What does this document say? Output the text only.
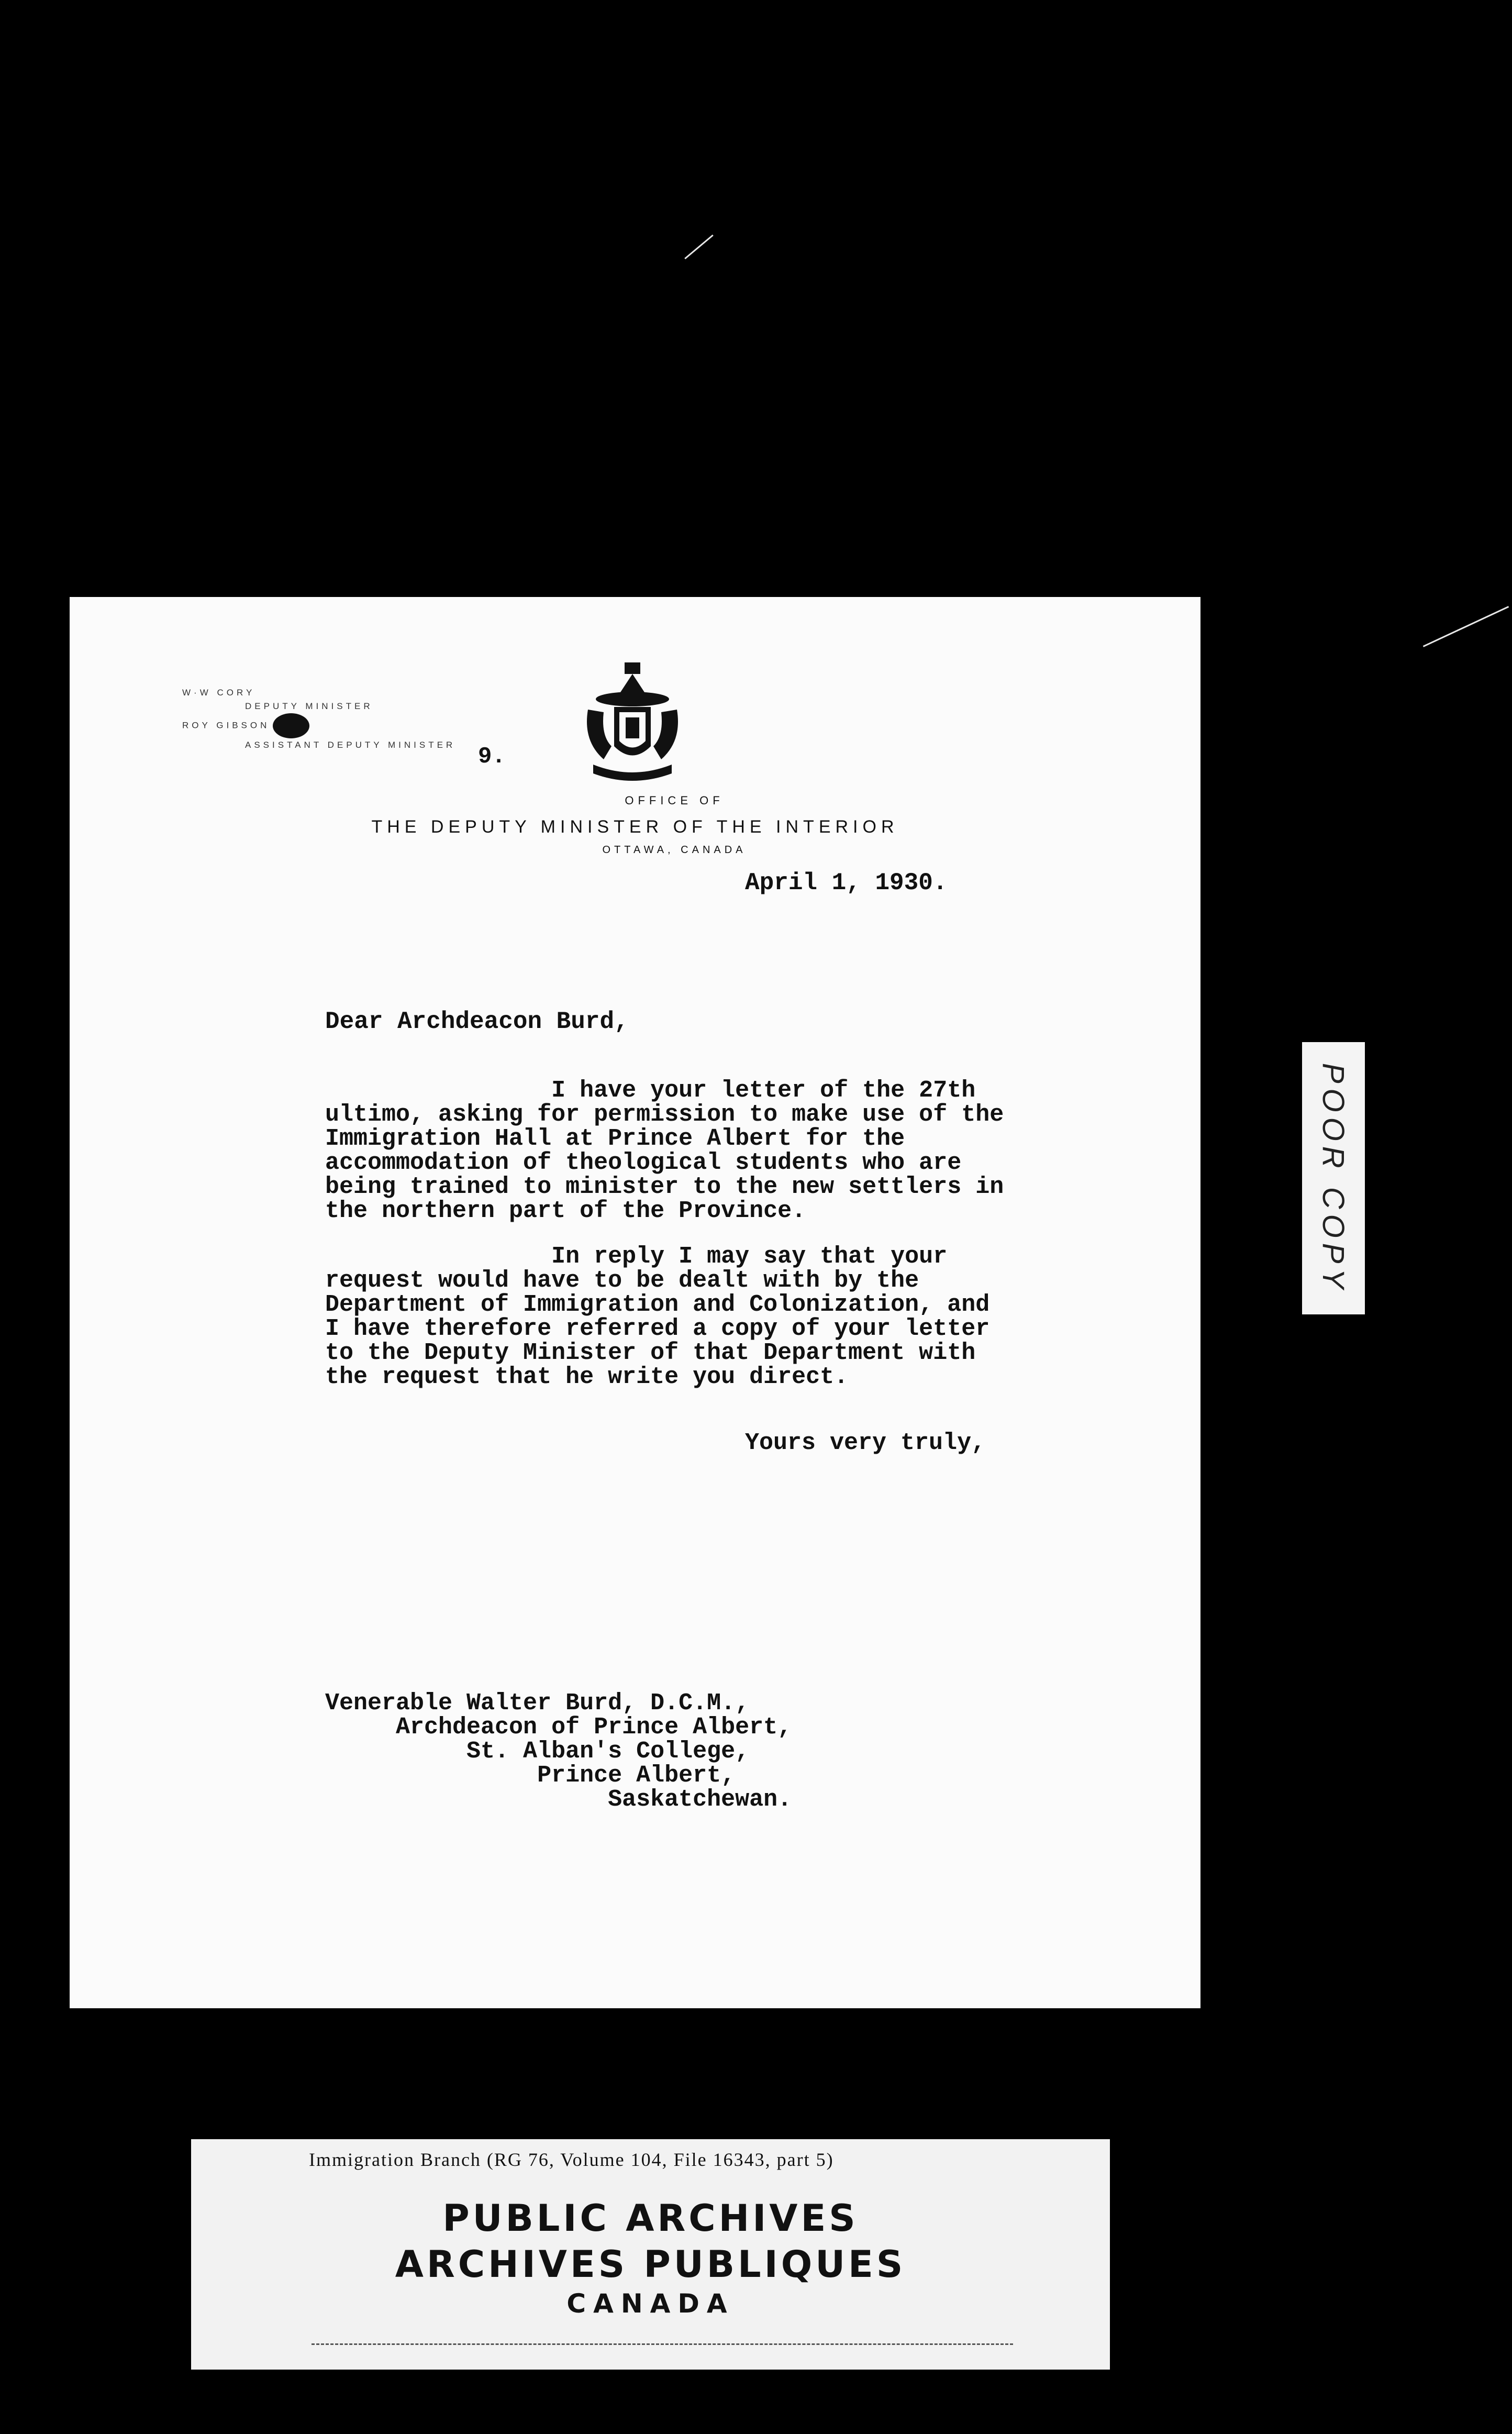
W·W CORY
DEPUTY MINISTER
ROY GIBSON
ASSISTANT DEPUTY MINISTER 9.
OFFICE OF
THE DEPUTY MINISTER OF THE INTERIOR
OTTAWA, CANADA
April 1, 1930.
Dear Archdeacon Burd,

I have your letter of the 27th
ultimo, asking for permission to make use of the
Immigration Hall at Prince Albert for the
accommodation of theological students who are
being trained to minister to the new settlers in
the northern part of the Province.

In reply I may say that your
request would have to be dealt with by the
Department of Immigration and Colonization, and
I have therefore referred a copy of your letter
to the Deputy Minister of that Department with
the request that he write you direct.

Yours very truly,

Venerable Walter Burd, D.C.M.,
Archdeacon of Prince Albert,
St. Alban's College,
Prince Albert,
Saskatchewan.

POOR COPY
Immigration Branch (RG 76, Volume 104, File 16343, part 5)
PUBLIC ARCHIVES
ARCHIVES PUBLIQUES
CANADA
